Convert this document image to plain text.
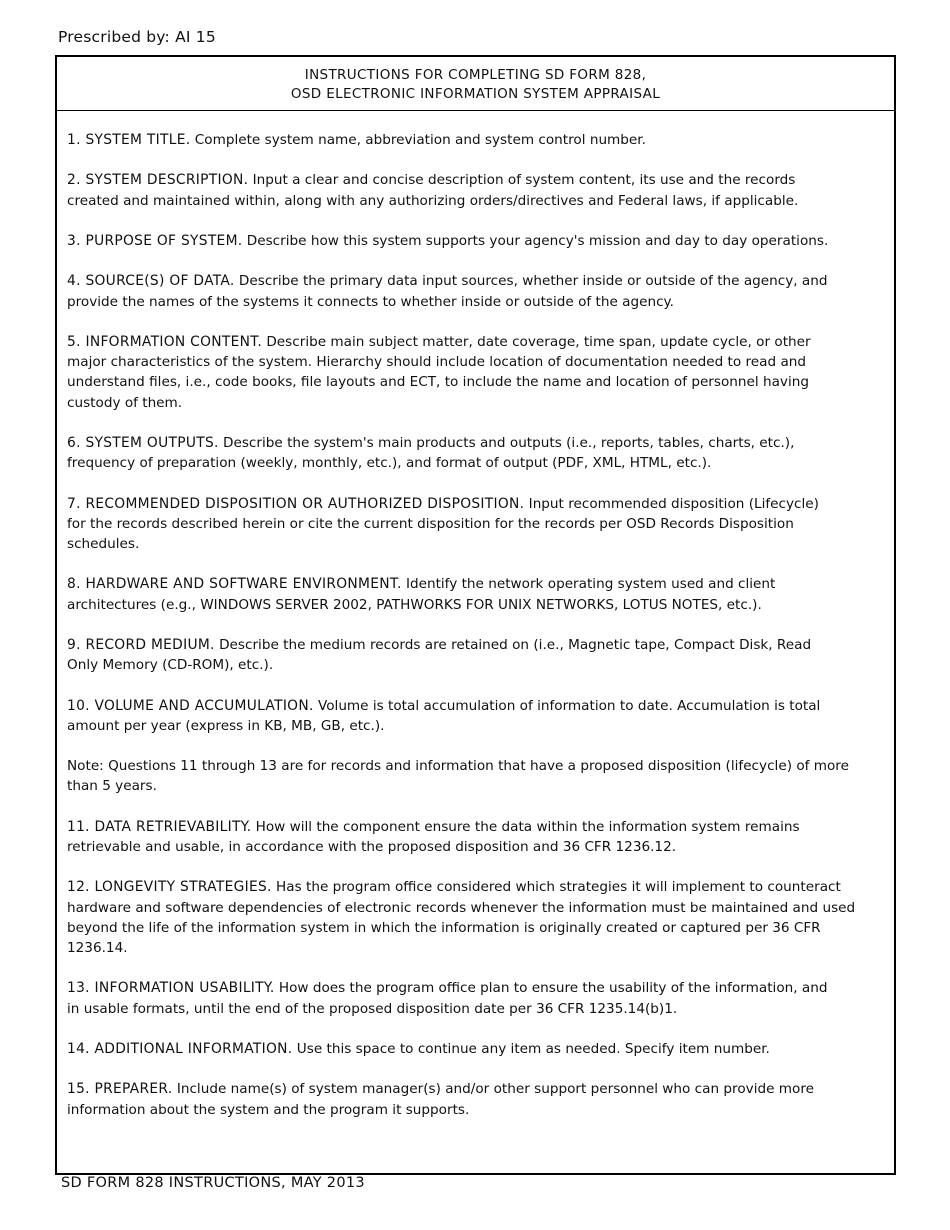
Prescribed by: AI 15
INSTRUCTIONS FOR COMPLETING SD FORM 828,
OSD ELECTRONIC INFORMATION SYSTEM APPRAISAL

1. SYSTEM TITLE. Complete system name, abbreviation and system control number.

2. SYSTEM DESCRIPTION. Input a clear and concise description of system content, its use and the records
created and maintained within, along with any authorizing orders/directives and Federal laws, if applicable.

3. PURPOSE OF SYSTEM. Describe how this system supports your agency's mission and day to day operations.

4. SOURCE(S) OF DATA. Describe the primary data input sources, whether inside or outside of the agency, and
provide the names of the systems it connects to whether inside or outside of the agency.

5. INFORMATION CONTENT. Describe main subject matter, date coverage, time span, update cycle, or other
major characteristics of the system. Hierarchy should include location of documentation needed to read and
understand files, i.e., code books, file layouts and ECT, to include the name and location of personnel having
custody of them.

6. SYSTEM OUTPUTS. Describe the system's main products and outputs (i.e., reports, tables, charts, etc.),
frequency of preparation (weekly, monthly, etc.), and format of output (PDF, XML, HTML, etc.).

7. RECOMMENDED DISPOSITION OR AUTHORIZED DISPOSITION. Input recommended disposition (Lifecycle)
for the records described herein or cite the current disposition for the records per OSD Records Disposition
schedules.

8. HARDWARE AND SOFTWARE ENVIRONMENT. Identify the network operating system used and client
architectures (e.g., WINDOWS SERVER 2002, PATHWORKS FOR UNIX NETWORKS, LOTUS NOTES, etc.).

9. RECORD MEDIUM. Describe the medium records are retained on (i.e., Magnetic tape, Compact Disk, Read
Only Memory (CD-ROM), etc.).

10. VOLUME AND ACCUMULATION. Volume is total accumulation of information to date. Accumulation is total
amount per year (express in KB, MB, GB, etc.).

Note: Questions 11 through 13 are for records and information that have a proposed disposition (lifecycle) of more
than 5 years.

11. DATA RETRIEVABILITY. How will the component ensure the data within the information system remains
retrievable and usable, in accordance with the proposed disposition and 36 CFR 1236.12.

12. LONGEVITY STRATEGIES. Has the program office considered which strategies it will implement to counteract
hardware and software dependencies of electronic records whenever the information must be maintained and used
beyond the life of the information system in which the information is originally created or captured per 36 CFR 1236.14.

13. INFORMATION USABILITY. How does the program office plan to ensure the usability of the information, and
in usable formats, until the end of the proposed disposition date per 36 CFR 1235.14(b)1.

14. ADDITIONAL INFORMATION. Use this space to continue any item as needed. Specify item number.

15. PREPARER. Include name(s) of system manager(s) and/or other support personnel who can provide more
information about the system and the program it supports.

SD FORM 828 INSTRUCTIONS, MAY 2013
